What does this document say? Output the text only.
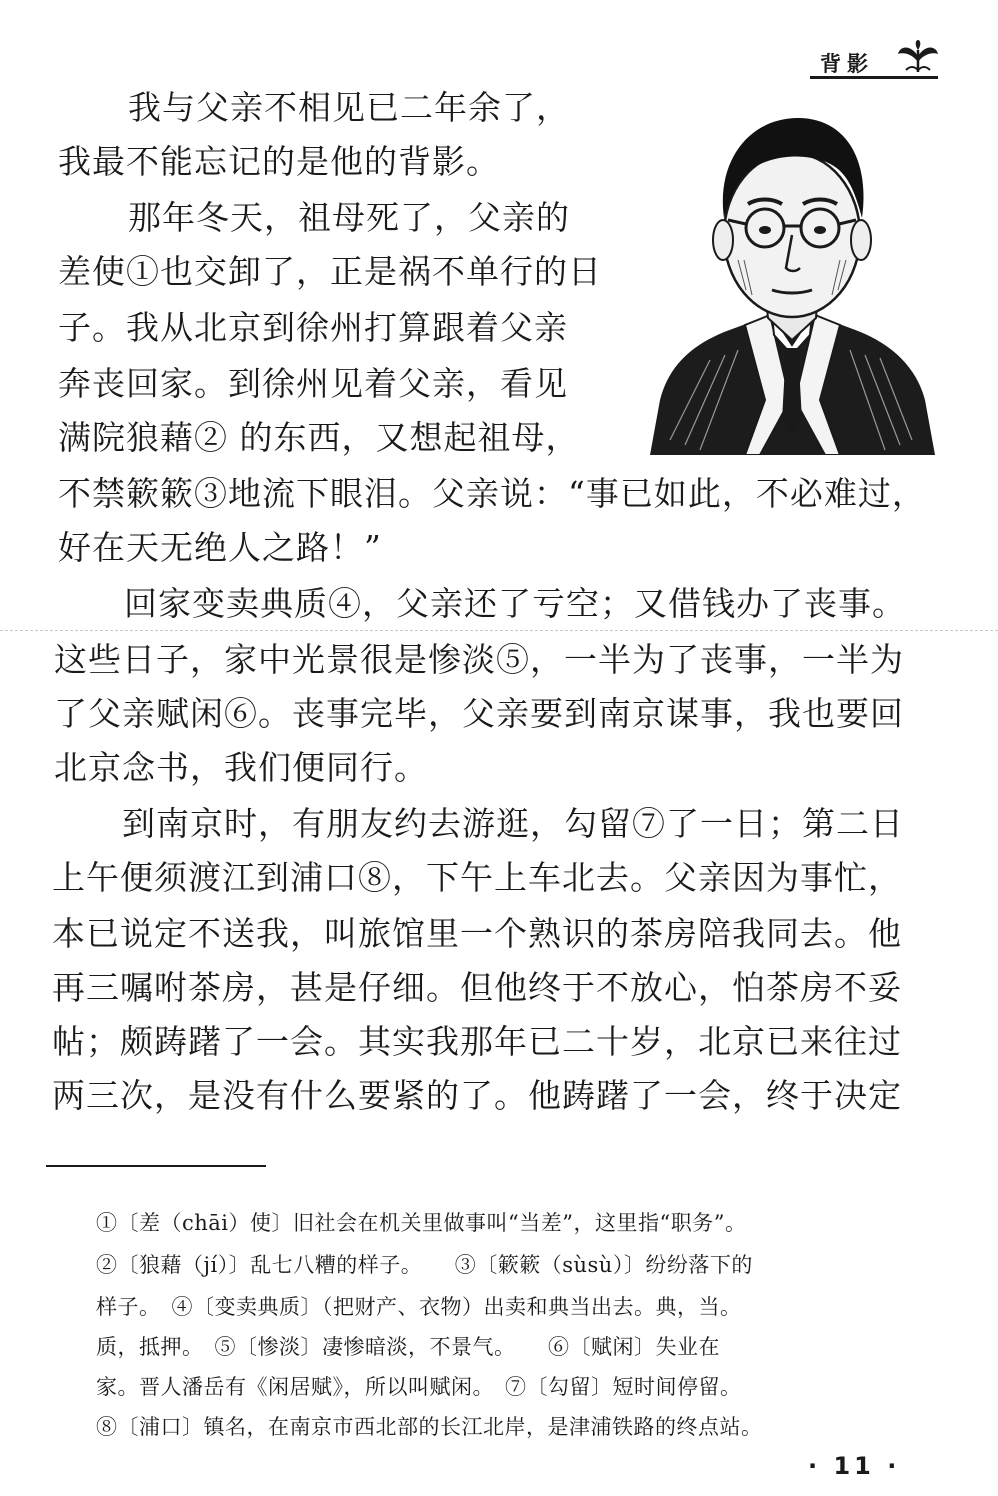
背影
我与父亲不相见已二年余了，
我最不能忘记的是他的背影。
那年冬天，祖母死了，父亲的
差使①也交卸了，正是祸不单行的日
子。我从北京到徐州打算跟着父亲
奔丧回家。到徐州见着父亲，看见
满院狼藉② 的东西，又想起祖母，
不禁簌簌③地流下眼泪。父亲说：“事已如此，不必难过，
好在天无绝人之路！”
回家变卖典质④，父亲还了亏空；又借钱办了丧事。
这些日子，家中光景很是惨淡⑤，一半为了丧事，一半为
了父亲赋闲⑥。丧事完毕，父亲要到南京谋事，我也要回
北京念书，我们便同行。
到南京时，有朋友约去游逛，勾留⑦了一日；第二日
上午便须渡江到浦口⑧，下午上车北去。父亲因为事忙，
本已说定不送我，叫旅馆里一个熟识的茶房陪我同去。他
再三嘱咐茶房，甚是仔细。但他终于不放心，怕茶房不妥
帖；颇踌躇了一会。其实我那年已二十岁，北京已来往过
两三次，是没有什么要紧的了。他踌躇了一会，终于决定
①〔差（chāi）使〕旧社会在机关里做事叫“当差”，这里指“职务”。
②〔狼藉（jí）〕乱七八糟的样子。　　③〔簌簌（sùsù）〕纷纷落下的
样子。　④〔变卖典质〕（把财产、衣物）出卖和典当出去。典，当。
质，抵押。　⑤〔惨淡〕凄惨暗淡，不景气。　　⑥〔赋闲〕失业在
家。晋人潘岳有《闲居赋》，所以叫赋闲。　⑦〔勾留〕短时间停留。
⑧〔浦口〕镇名，在南京市西北部的长江北岸，是津浦铁路的终点站。
· 11 ·
